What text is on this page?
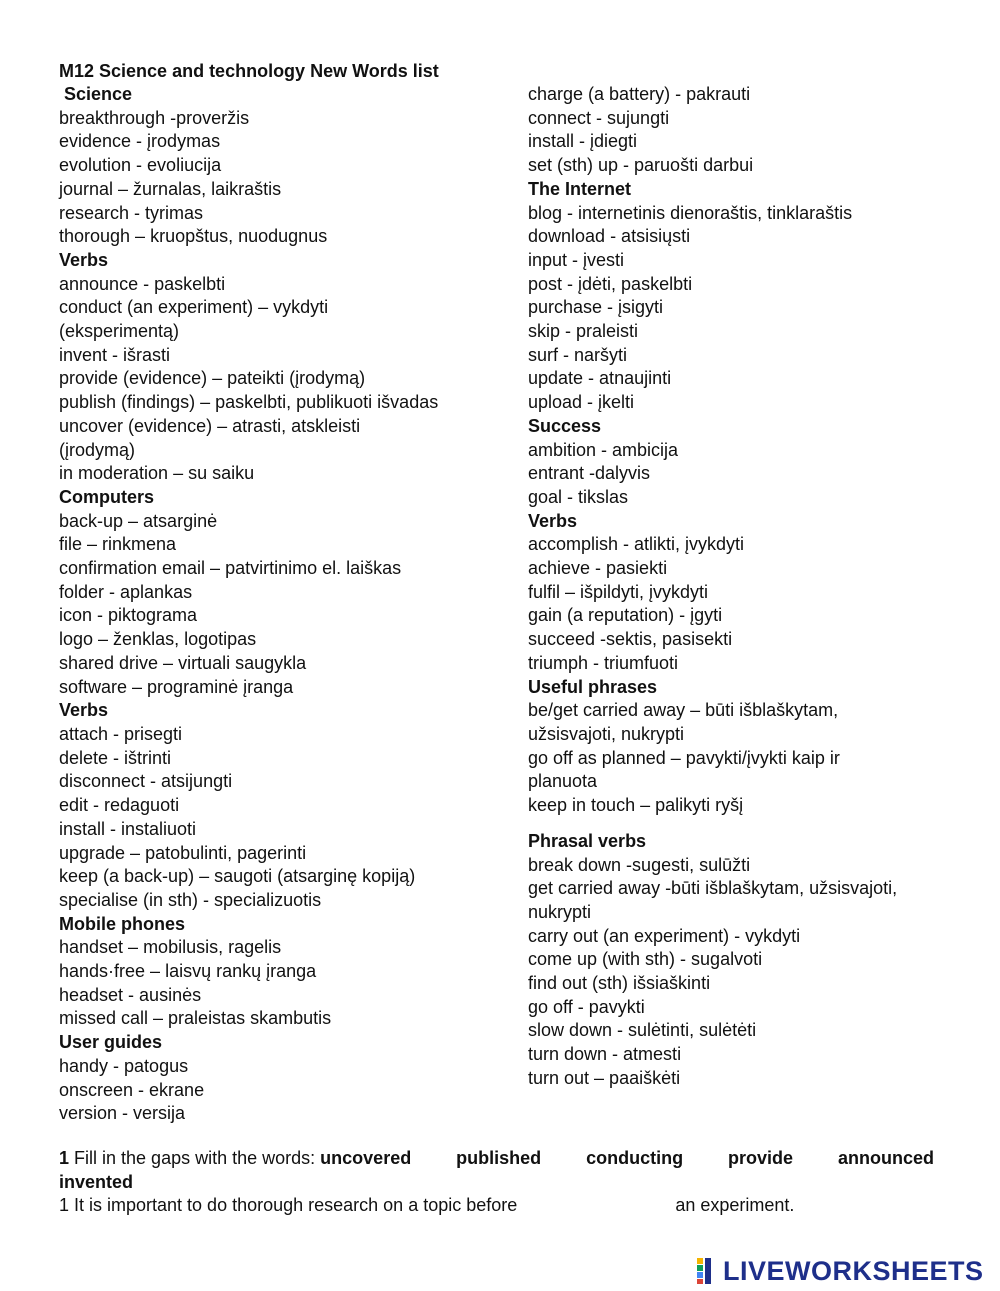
M12 Science and technology New Words list
Science
breakthrough -proveržis
evidence - įrodymas
evolution - evoliucija
journal – žurnalas, laikraštis
research - tyrimas
thorough – kruopštus, nuodugnus
Verbs
announce - paskelbti
conduct (an experiment) – vykdyti
(eksperimentą)
invent - išrasti
provide (evidence) – pateikti (įrodymą)
publish (findings) – paskelbti, publikuoti išvadas
uncover (evidence) – atrasti, atskleisti
(įrodymą)
in moderation – su saiku
Computers
back-up – atsarginė
file – rinkmena
confirmation email – patvirtinimo el. laiškas
folder - aplankas
icon - piktograma
logo – ženklas, logotipas
shared drive – virtuali saugykla
software – programinė įranga
Verbs
attach - prisegti
delete - ištrinti
disconnect - atsijungti
edit - redaguoti
install - instaliuoti
upgrade – patobulinti, pagerinti
keep (a back-up) – saugoti (atsarginę kopiją)
specialise (in sth) - specializuotis
Mobile phones
handset – mobilusis, ragelis
hands·free – laisvų rankų įranga
headset - ausinės
missed call – praleistas skambutis
User guides
handy - patogus
onscreen - ekrane
version - versija
charge (a battery) - pakrauti
connect - sujungti
install - įdiegti
set (sth) up - paruošti darbui
The Internet
blog - internetinis dienoraštis, tinklaraštis
download - atsisiųsti
input - įvesti
post - įdėti, paskelbti
purchase - įsigyti
skip - praleisti
surf - naršyti
update - atnaujinti
upload - įkelti
Success
ambition - ambicija
entrant -dalyvis
goal - tikslas
Verbs
accomplish - atlikti, įvykdyti
achieve - pasiekti
fulfil – išpildyti, įvykdyti
gain (a reputation) - įgyti
succeed -sektis, pasisekti
triumph - triumfuoti
Useful phrases
be/get carried away – būti išblaškytam,
užsisvajoti, nukrypti
go off as planned – pavykti/įvykti kaip ir
planuota
keep in touch – palikyti ryšį
Phrasal verbs
break down -sugesti, sulūžti
get carried away -būti išblaškytam, užsisvajoti,
nukrypti
carry out (an experiment) - vykdyti
come up (with sth) - sugalvoti
find out (sth) išsiaškinti
go off - pavykti
slow down - sulėtinti, sulėtėti
turn down - atmesti
turn out – paaiškėti
1 Fill in the gaps with the words: uncovered published conducting provide announced
invented
1 It is important to do thorough research on a topic before	an experiment.
LIVEWORKSHEETS
